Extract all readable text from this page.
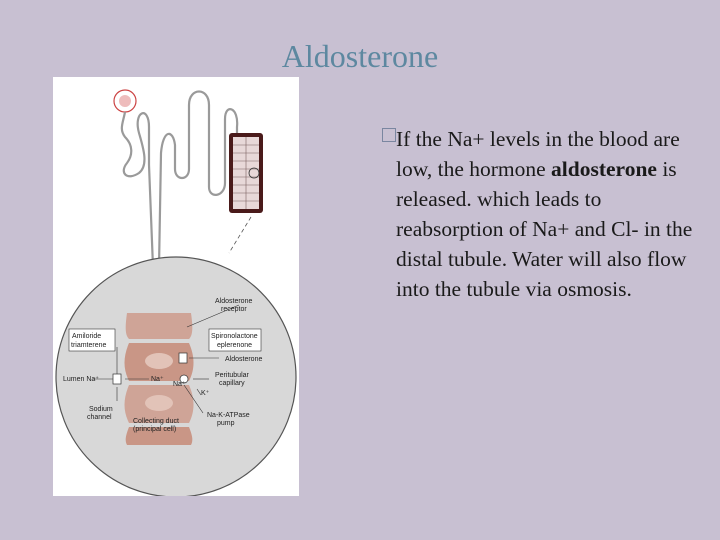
Aldosterone
Aldosterone
receptor
Amiloride
triamterene
Spironolactone
eplerenone
Aldosterone
Lumen Na⁺	Na⁺
Na⁺
K⁺
Peritubular
capillary
Sodium
channel
Collecting duct
(principal cell)
Na-K-ATPase
pump
If the Na+ levels in the blood are low, the hormone aldosterone is released. which leads to reabsorption of Na+ and Cl- in the distal tubule. Water will also flow into the tubule via osmosis.
